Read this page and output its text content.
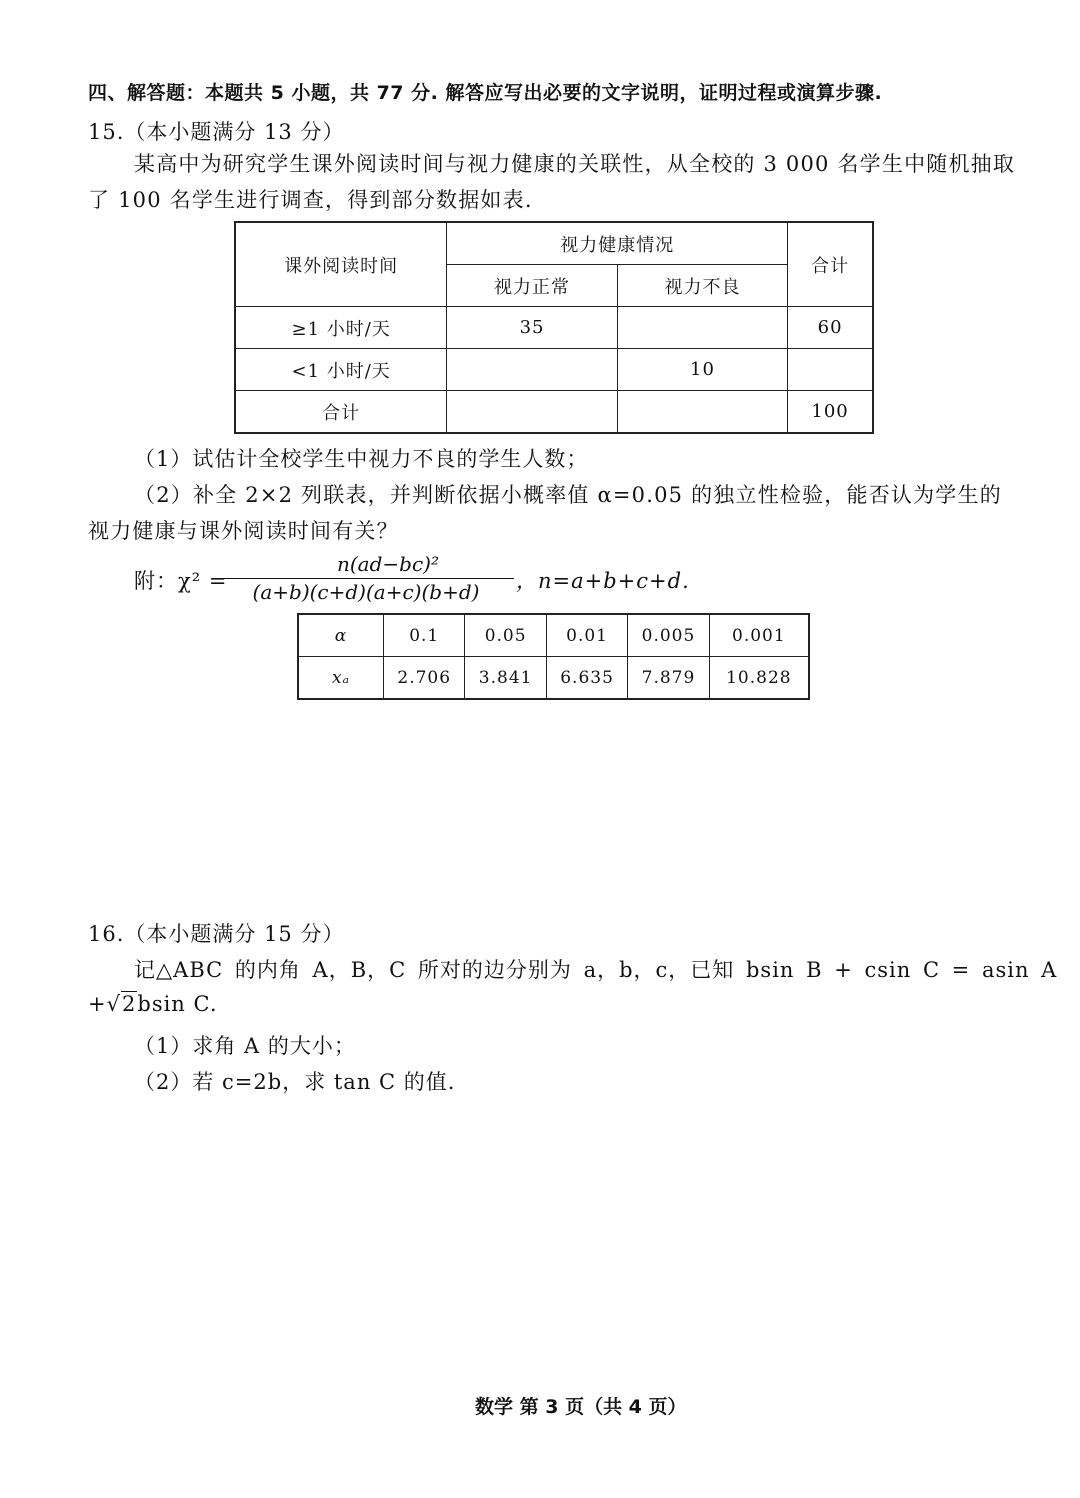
四、解答题：本题共 5 小题，共 77 分. 解答应写出必要的文字说明，证明过程或演算步骤.
15.（本小题满分 13 分）
某高中为研究学生课外阅读时间与视力健康的关联性，从全校的 3 000 名学生中随机抽取了 100 名学生进行调查，得到部分数据如表.
课外阅读时间	视力健康情况		合计
	视力正常	视力不良	
≥1 小时/天	35		60
<1 小时/天		10	
合计			100
（1）试估计全校学生中视力不良的学生人数；
（2）补全 2×2 列联表，并判断依据小概率值 α=0.05 的独立性检验，能否认为学生的视力健康与课外阅读时间有关？
附：χ² =
n(ad−bc)²
(a+b)(c+d)(a+c)(b+d)	，n=a+b+c+d.
α	0.1	0.05	0.01	0.005	0.001
xₐ	2.706	3.841	6.635	7.879	10.828
16.（本小题满分 15 分）
记△ABC 的内角 A，B，C 所对的边分别为 a，b，c，已知 bsin B + csin C = asin A
+√2bsin C.
（1）求角 A 的大小；
（2）若 c=2b，求 tan C 的值.
数学 第 3 页（共 4 页）
